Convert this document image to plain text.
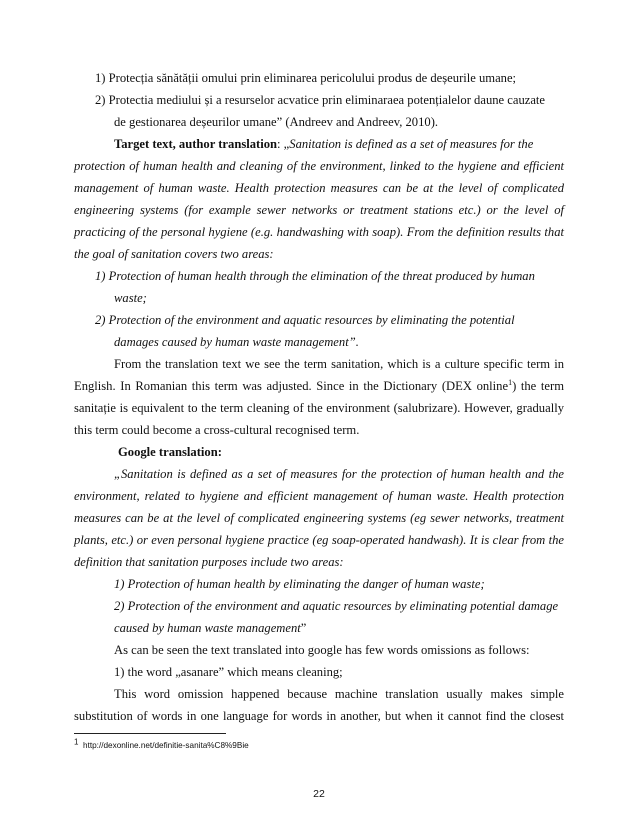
1) Protecția sănătății omului prin eliminarea pericolului produs de deșeurile umane;
2) Protectia mediului și a resurselor acvatice prin eliminaraea potențialelor daune cauzate
de gestionarea deșeurilor umane” (Andreev and Andreev, 2010).
Target text, author translation: „Sanitation is defined as a set of measures for the
protection of human health and cleaning of the environment, linked to the hygiene and efficient
management of human waste. Health protection measures can be at the level of complicated
engineering systems (for example sewer networks or treatment stations etc.) or the level of
practicing of the personal hygiene (e.g. handwashing with soap). From the definition results that
the goal of sanitation covers two areas:
1) Protection of human health through the elimination of the threat produced by human
waste;
2) Protection of the environment and aquatic resources by eliminating the potential
damages caused by human waste management”.
From the translation text we see the term sanitation, which is a culture specific term in
English. In Romanian this term was adjusted. Since in the Dictionary (DEX online$^1$) the term
sanitație is equivalent to the term cleaning of the environment (salubrizare). However, gradually
this term could become a cross-cultural recognised term.
Google translation:
„Sanitation is defined as a set of measures for the protection of human health and the
environment, related to hygiene and efficient management of human waste. Health protection
measures can be at the level of complicated engineering systems (eg sewer networks, treatment
plants, etc.) or even personal hygiene practice (eg soap-operated handwash). It is clear from the
definition that sanitation purposes include two areas:
1) Protection of human health by eliminating the danger of human waste;
2) Protection of the environment and aquatic resources by eliminating potential damage
caused by human waste management”
As can be seen the text translated into google has few words omissions as follows:
1) the word „asanare” which means cleaning;
This word omission happened because machine translation usually makes simple
substitution of words in one language for words in another, but when it cannot find the closest
$^1$ http://dexonline.net/definitie-sanita%C8%9Bie
22
